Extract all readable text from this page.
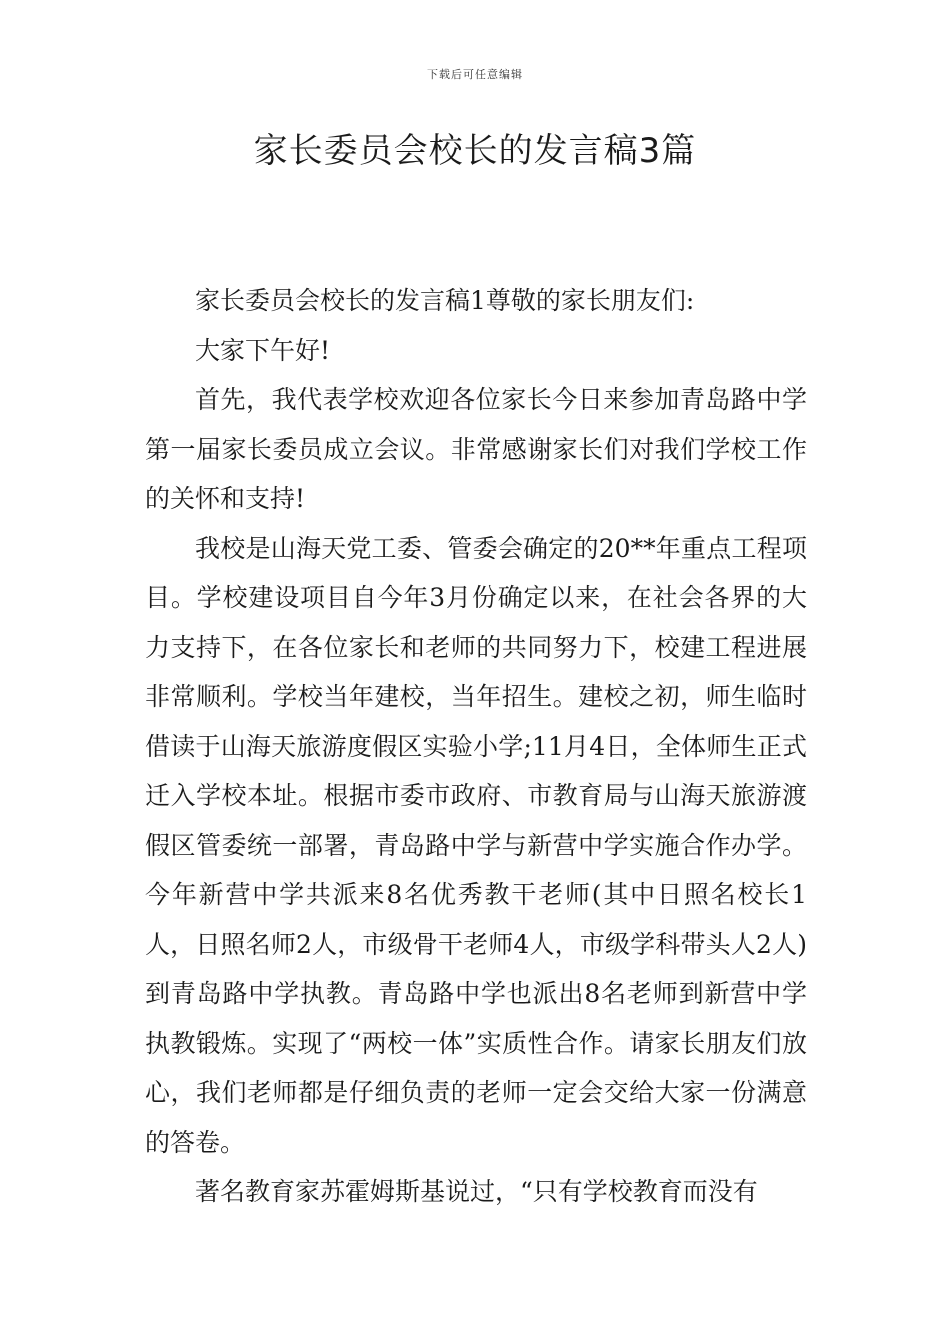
下载后可任意编辑
家长委员会校长的发言稿3篇

家长委员会校长的发言稿1尊敬的家长朋友们:

大家下午好!

首先，我代表学校欢迎各位家长今日来参加青岛路中学第一届家长委员成立会议。非常感谢家长们对我们学校工作的关怀和支持!

我校是山海天党工委、管委会确定的20**年重点工程项目。学校建设项目自今年3月份确定以来，在社会各界的大力支持下，在各位家长和老师的共同努力下，校建工程进展非常顺利。学校当年建校，当年招生。建校之初，师生临时借读于山海天旅游度假区实验小学;11月4日，全体师生正式迁入学校本址。根据市委市政府、市教育局与山海天旅游渡假区管委统一部署，青岛路中学与新营中学实施合作办学。今年新营中学共派来8名优秀教干老师(其中日照名校长1人，日照名师2人，市级骨干老师4人，市级学科带头人2人)到青岛路中学执教。青岛路中学也派出8名老师到新营中学执教锻炼。实现了“两校一体”实质性合作。请家长朋友们放心，我们老师都是仔细负责的老师一定会交给大家一份满意的答卷。

著名教育家苏霍姆斯基说过，“只有学校教育而没有
